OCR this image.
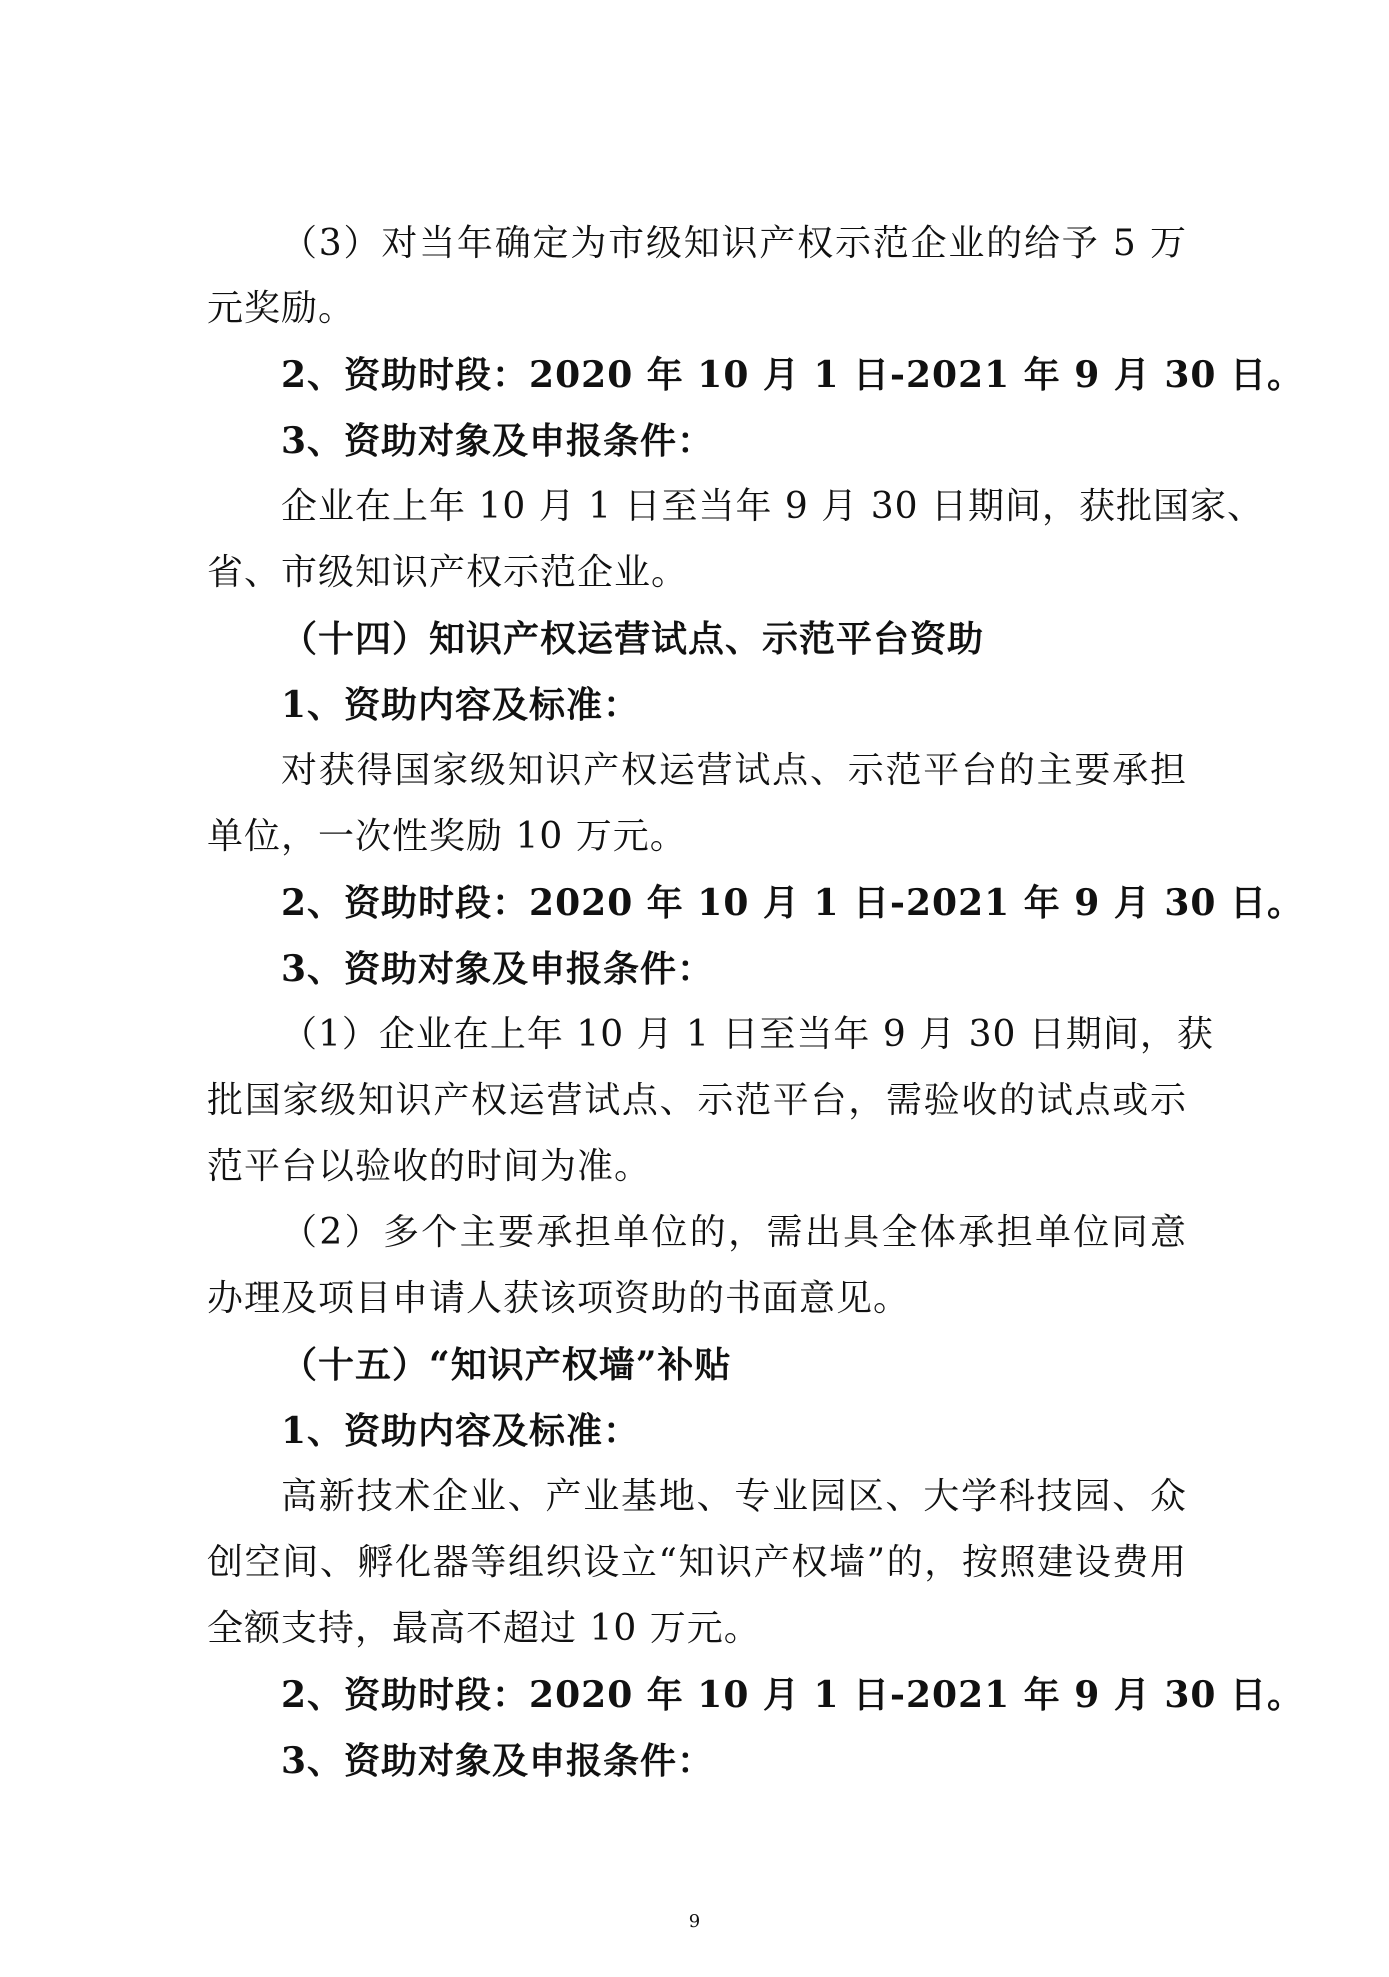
（3）对当年确定为市级知识产权示范企业的给予 5 万
元奖励。
2、资助时段：2020 年 10 月 1 日-2021 年 9 月 30 日。
3、资助对象及申报条件：
企业在上年 10 月 1 日至当年 9 月 30 日期间，获批国家、
省、市级知识产权示范企业。
（十四）知识产权运营试点、示范平台资助
1、资助内容及标准：
对获得国家级知识产权运营试点、示范平台的主要承担
单位，一次性奖励 10 万元。
2、资助时段：2020 年 10 月 1 日-2021 年 9 月 30 日。
3、资助对象及申报条件：
（1）企业在上年 10 月 1 日至当年 9 月 30 日期间，获
批国家级知识产权运营试点、示范平台，需验收的试点或示
范平台以验收的时间为准。
（2）多个主要承担单位的，需出具全体承担单位同意
办理及项目申请人获该项资助的书面意见。
（十五）“知识产权墙”补贴
1、资助内容及标准：
高新技术企业、产业基地、专业园区、大学科技园、众
创空间、孵化器等组织设立“知识产权墙”的，按照建设费用
全额支持，最高不超过 10 万元。
2、资助时段：2020 年 10 月 1 日-2021 年 9 月 30 日。
3、资助对象及申报条件：
9
